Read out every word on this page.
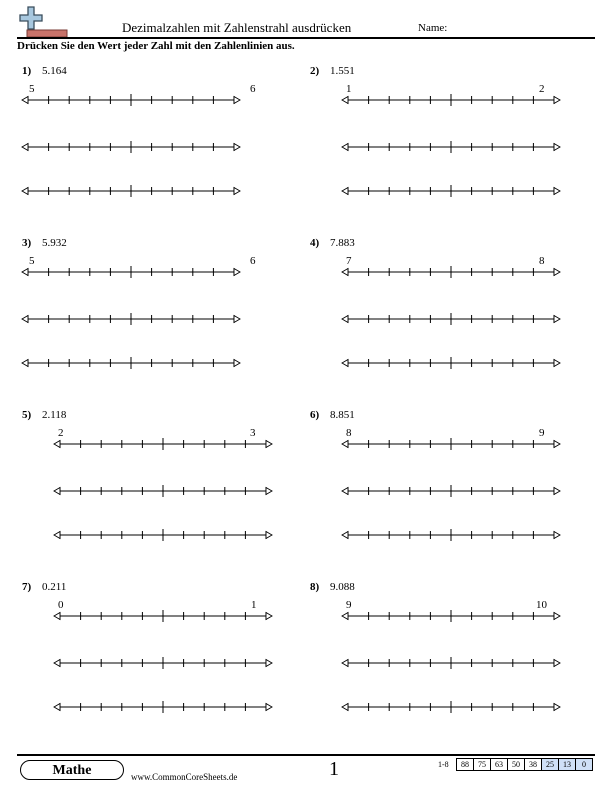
Dezimalzahlen mit Zahlenstrahl ausdrücken	Name:
Drücken Sie den Wert jeder Zahl mit den Zahlenlinien aus.
1) 5.164
5	6
2) 1.551
1	2
3) 5.932
5	6
4) 7.883
7	8
5) 2.118
2	3
6) 8.851
8	9
7) 0.211
0	1
8) 9.088
9	10
Mathe	www.CommonCoreSheets.de	1	1-8	88	75	63	50	38	25	13	0
